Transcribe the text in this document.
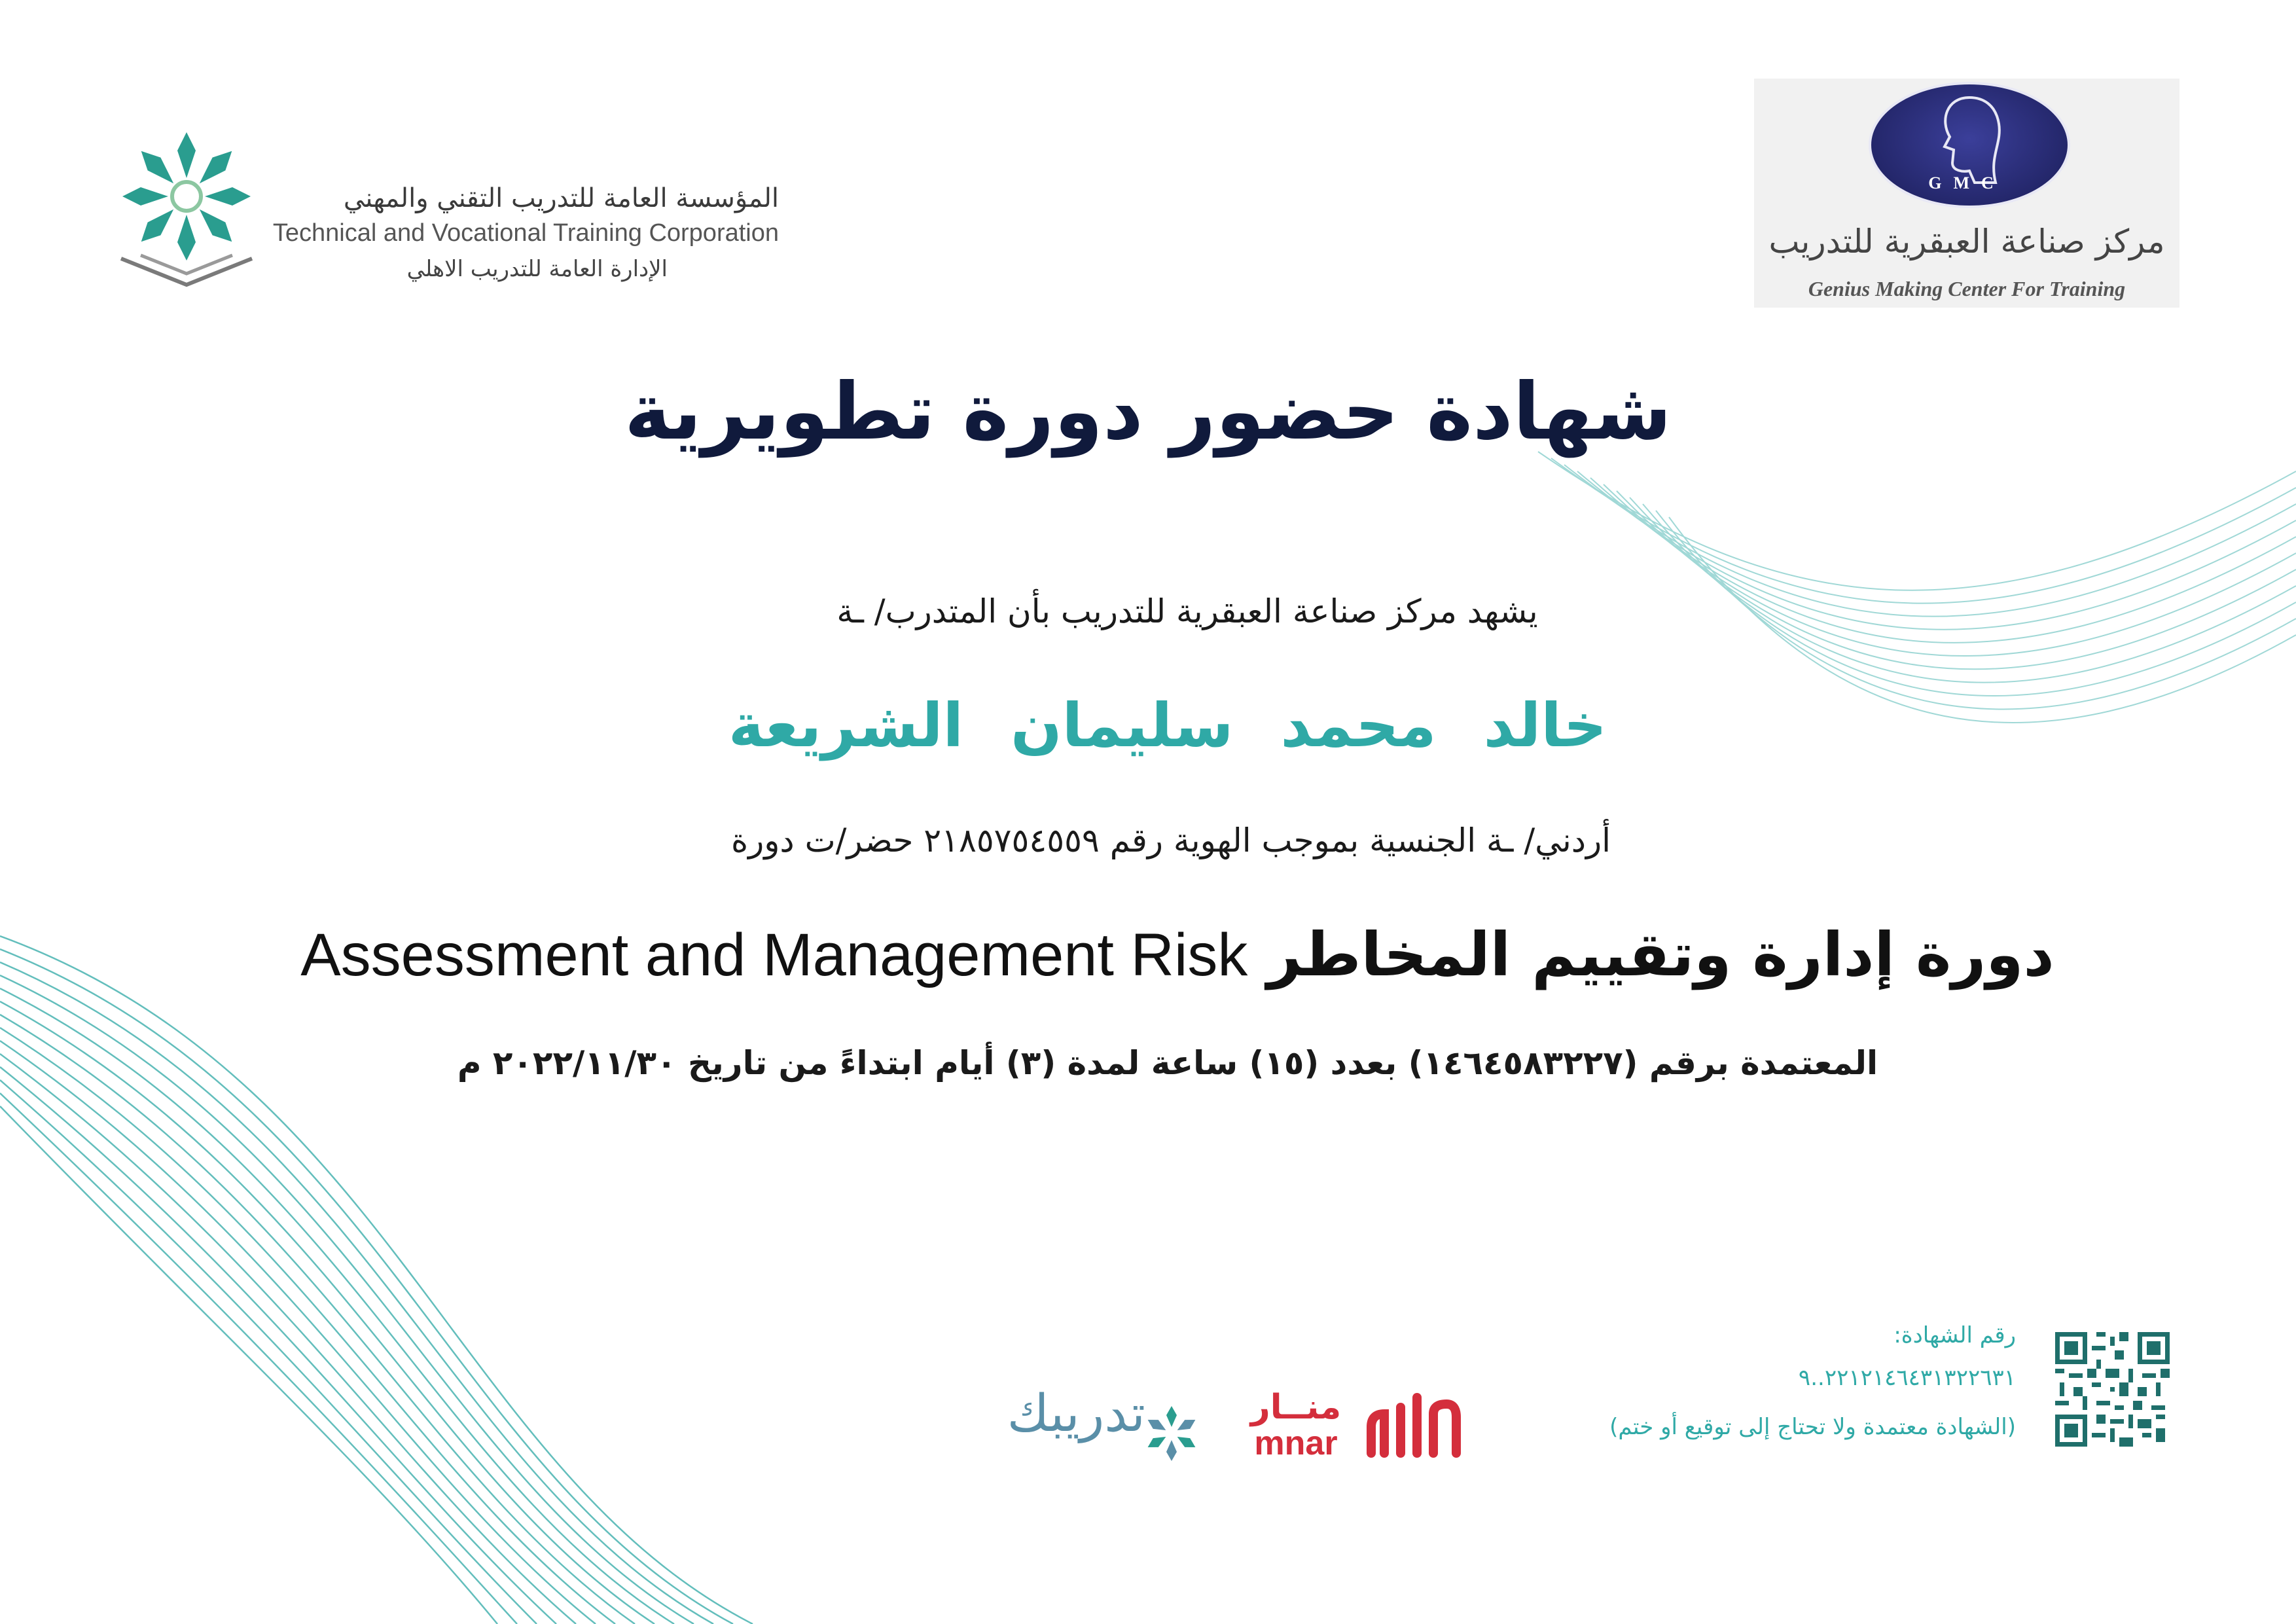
المؤسسة العامة للتدريب التقني والمهني
Technical and Vocational Training Corporation
الإدارة العامة للتدريب الاهلي
GMC
مركز صناعة العبقرية للتدريب
Genius Making Center For Training
شهادة حضور دورة تطويرية
يشهد مركز صناعة العبقرية للتدريب بأن المتدرب/ ـة
خالد محمد سليمان الشريعة
أردني/ ـة الجنسية بموجب الهوية رقم ٢١٨٥٧٥٤٥٥٩ حضر/ت دورة
Assessment and Management Risk دورة إدارة وتقييم المخاطر
المعتمدة برقم (١٤٦٤٥٨٣٢٢٧) بعدد (١٥) ساعة لمدة (٣) أيام ابتداءً من تاريخ ٢٠٢٢/١١/٣٠ م
رقم الشهادة:
٢٢١٢١٤٦٤٣١٣٢٢٦٣١..٩
(الشهادة معتمدة ولا تحتاج إلى توقيع أو ختم)
منــار
mnar
تدريبك
